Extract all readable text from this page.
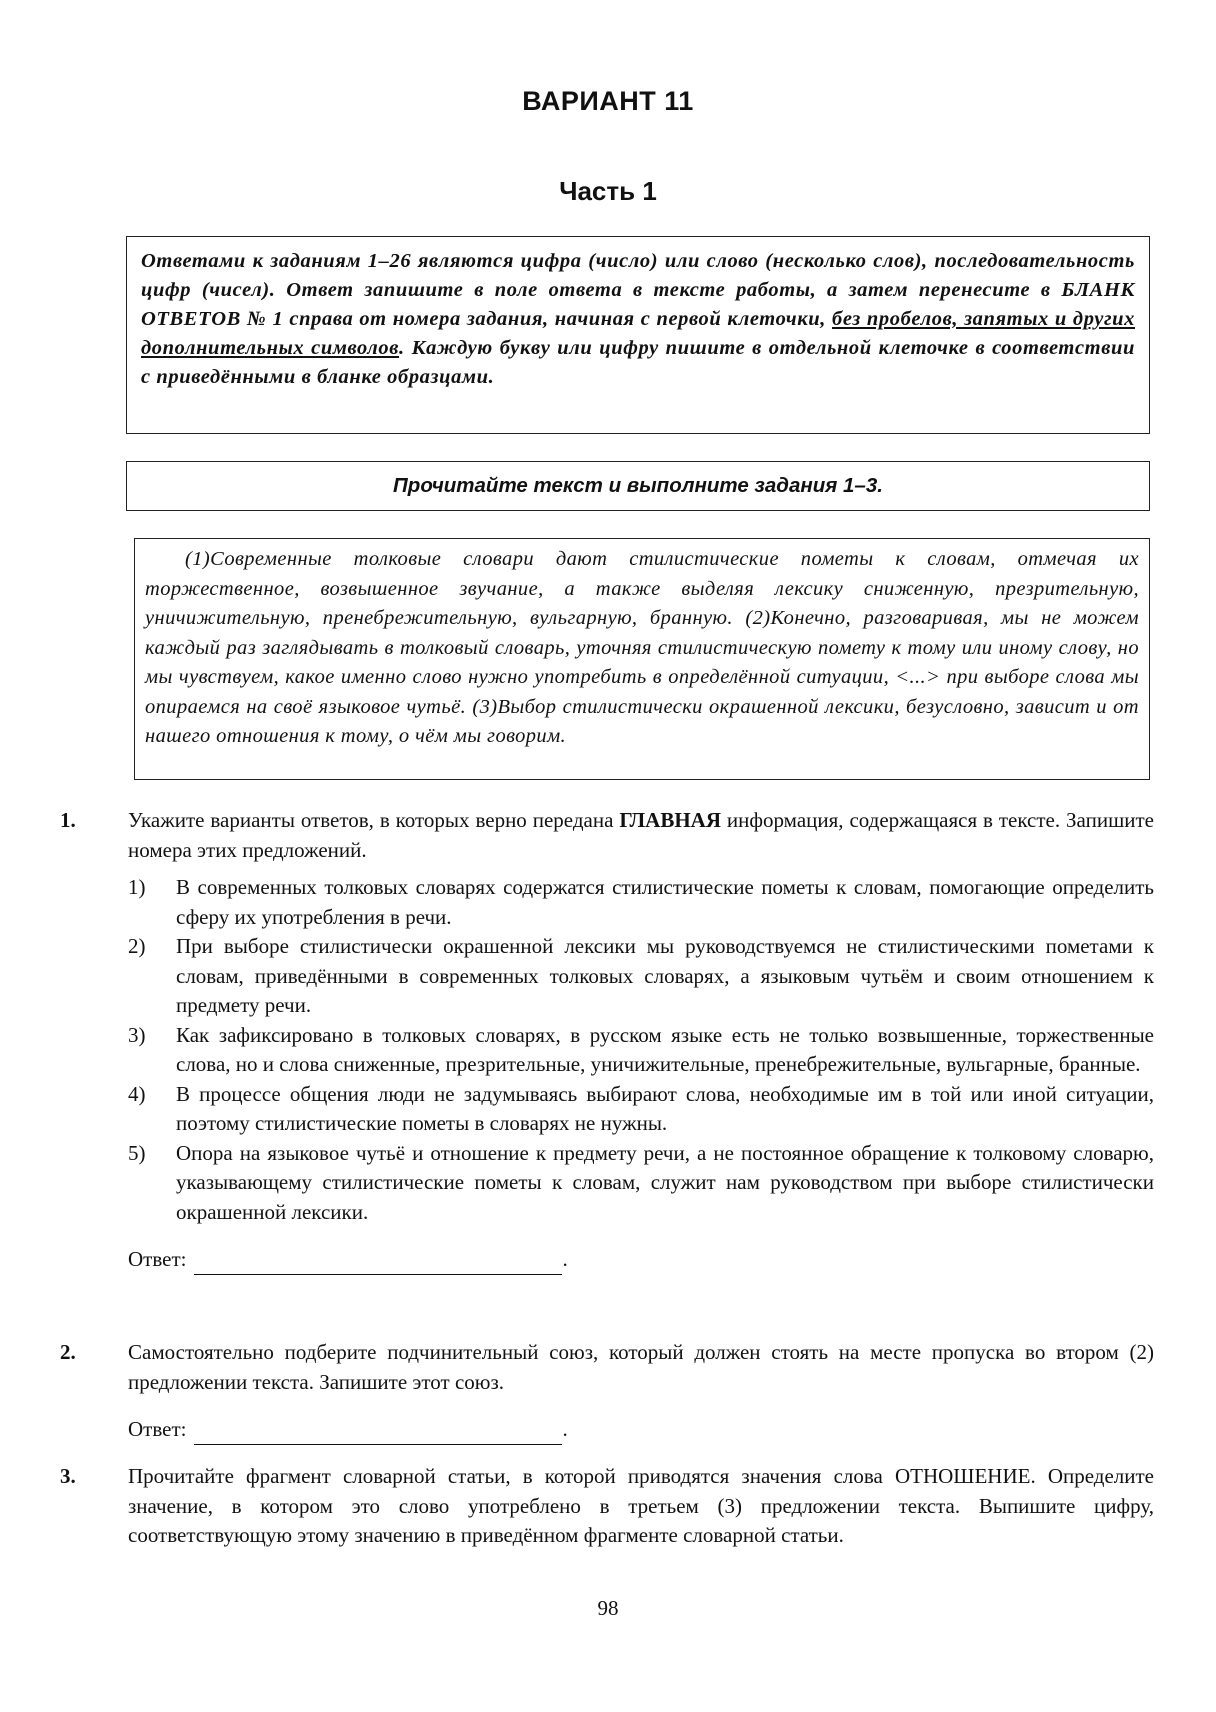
ВАРИАНТ 11
Часть 1
Ответами к заданиям 1–26 являются цифра (число) или слово (несколько слов), последовательность цифр (чисел). Ответ запишите в поле ответа в тексте работы, а затем перенесите в БЛАНК ОТВЕТОВ № 1 справа от номера задания, начиная с первой клеточки, без пробелов, запятых и других дополнительных символов. Каждую букву или цифру пишите в отдельной клеточке в соответствии с приведёнными в бланке образцами.
Прочитайте текст и выполните задания 1–3.

(1)Современные толковые словари дают стилистические пометы к словам, отмечая их торжественное, возвышенное звучание, а также выделяя лексику сниженную, презрительную, уничижительную, пренебрежительную, вульгарную, бранную. (2)Конечно, разговаривая, мы не можем каждый раз заглядывать в толковый словарь, уточняя стилистическую помету к тому или иному слову, но мы чувствуем, какое именно слово нужно употребить в определённой ситуации, <...> при выборе слова мы опираемся на своё языковое чутьё. (3)Выбор стилистически окрашенной лексики, безусловно, зависит и от нашего отношения к тому, о чём мы говорим.

1.	Укажите варианты ответов, в которых верно передана ГЛАВНАЯ информация, содержащаяся в тексте. Запишите номера этих предложений.
1) В современных толковых словарях содержатся стилистические пометы к словам, помогающие определить сферу их употребления в речи.
2) При выборе стилистически окрашенной лексики мы руководствуемся не стилистическими пометами к словам, приведёнными в современных толковых словарях, а языковым чутьём и своим отношением к предмету речи.
3) Как зафиксировано в толковых словарях, в русском языке есть не только возвышенные, торжественные слова, но и слова сниженные, презрительные, уничижительные, пренебрежительные, вульгарные, бранные.
4) В процессе общения люди не задумываясь выбирают слова, необходимые им в той или иной ситуации, поэтому стилистические пометы в словарях не нужны.
5) Опора на языковое чутьё и отношение к предмету речи, а не постоянное обращение к толковому словарю, указывающему стилистические пометы к словам, служит нам руководством при выборе стилистически окрашенной лексики.
Ответ:	.
2.	Самостоятельно подберите подчинительный союз, который должен стоять на месте пропуска во втором (2) предложении текста. Запишите этот союз.
Ответ:	.
3.	Прочитайте фрагмент словарной статьи, в которой приводятся значения слова ОТНОШЕНИЕ. Определите значение, в котором это слово употреблено в третьем (3) предложении текста. Выпишите цифру, соответствующую этому значению в приведённом фрагменте словарной статьи.
98
